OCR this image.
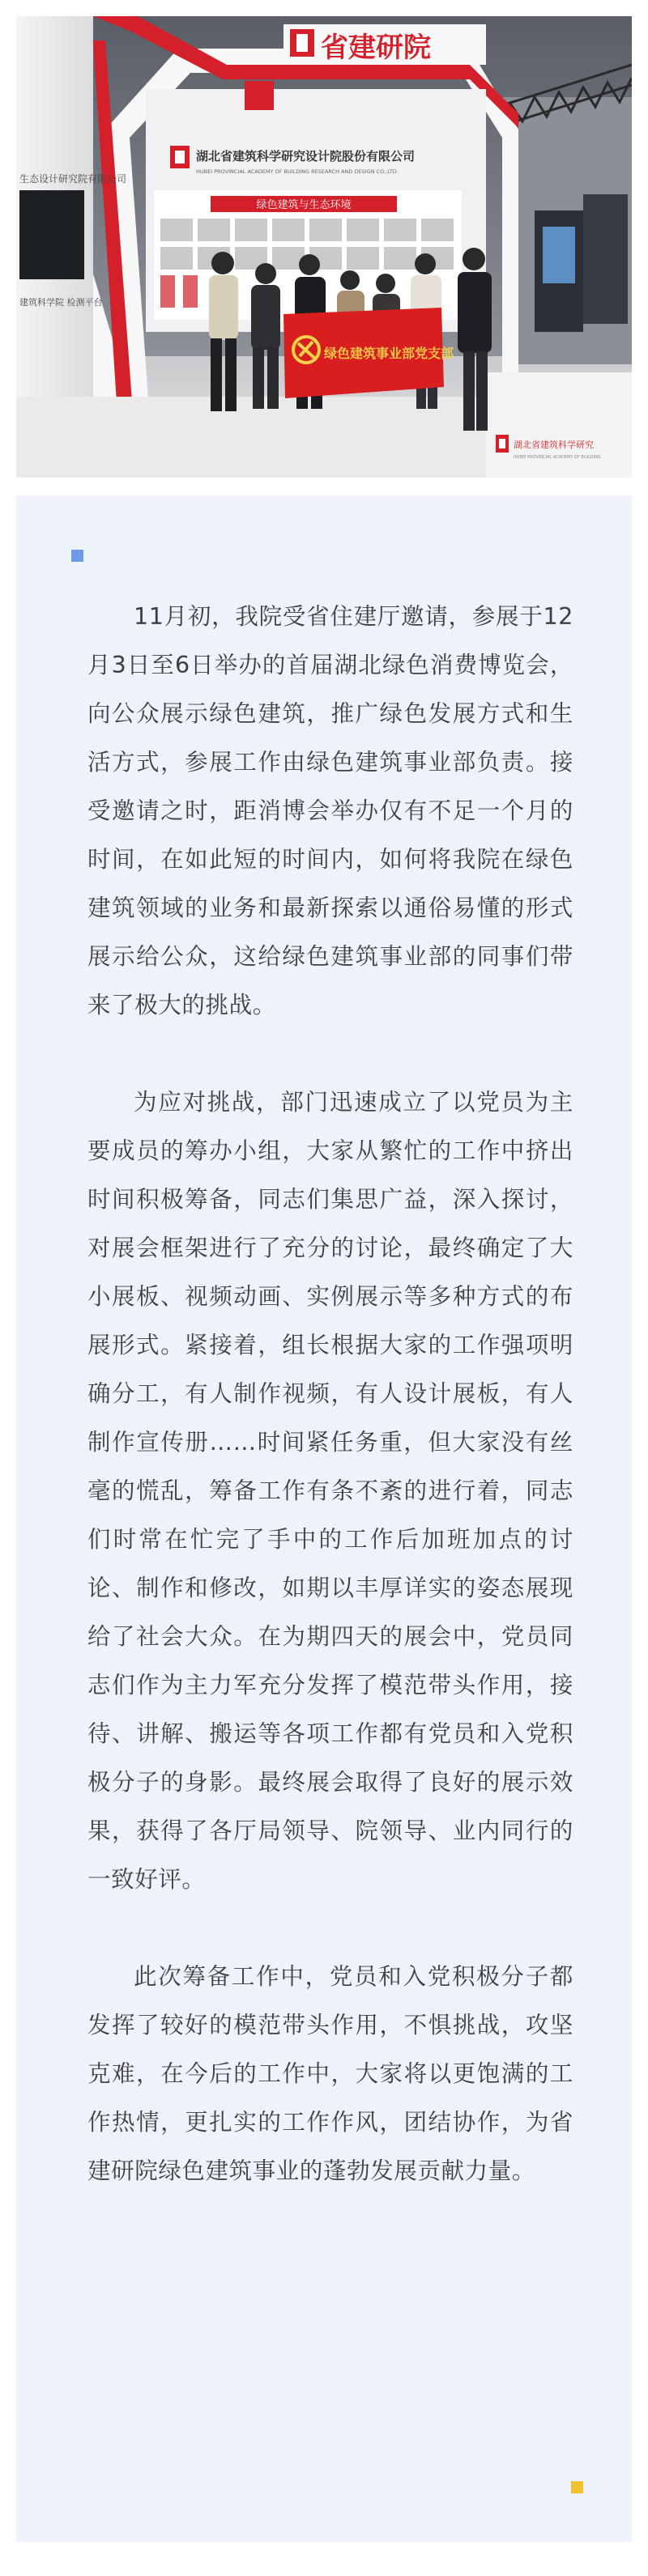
省建研院
湖北省建筑科学研究设计院股份有限公司
HUBEI PROVINCIAL ACADEMY OF BUILDING RESEARCH AND DESIGN CO.,LTD.
绿色建筑与生态环境
生态设计研究院有限公司
建筑科学院 检测平台
湖北省建筑科学研究
HUBEI PROVINCIAL ACADEMY OF BUILDING
绿色建筑事业部党支部

11月初，我院受省住建厅邀请，参展于12月3日至6日举办的首届湖北绿色消费博览会，向公众展示绿色建筑，推广绿色发展方式和生活方式，参展工作由绿色建筑事业部负责。接受邀请之时，距消博会举办仅有不足一个月的时间，在如此短的时间内，如何将我院在绿色建筑领域的业务和最新探索以通俗易懂的形式展示给公众，这给绿色建筑事业部的同事们带来了极大的挑战。

为应对挑战，部门迅速成立了以党员为主要成员的筹办小组，大家从繁忙的工作中挤出时间积极筹备，同志们集思广益，深入探讨，对展会框架进行了充分的讨论，最终确定了大小展板、视频动画、实例展示等多种方式的布展形式。紧接着，组长根据大家的工作强项明确分工，有人制作视频，有人设计展板，有人制作宣传册……时间紧任务重，但大家没有丝毫的慌乱，筹备工作有条不紊的进行着，同志们时常在忙完了手中的工作后加班加点的讨论、制作和修改，如期以丰厚详实的姿态展现给了社会大众。在为期四天的展会中，党员同志们作为主力军充分发挥了模范带头作用，接待、讲解、搬运等各项工作都有党员和入党积极分子的身影。最终展会取得了良好的展示效果，获得了各厅局领导、院领导、业内同行的一致好评。

此次筹备工作中，党员和入党积极分子都发挥了较好的模范带头作用，不惧挑战，攻坚克难，在今后的工作中，大家将以更饱满的工作热情，更扎实的工作作风，团结协作，为省建研院绿色建筑事业的蓬勃发展贡献力量。
